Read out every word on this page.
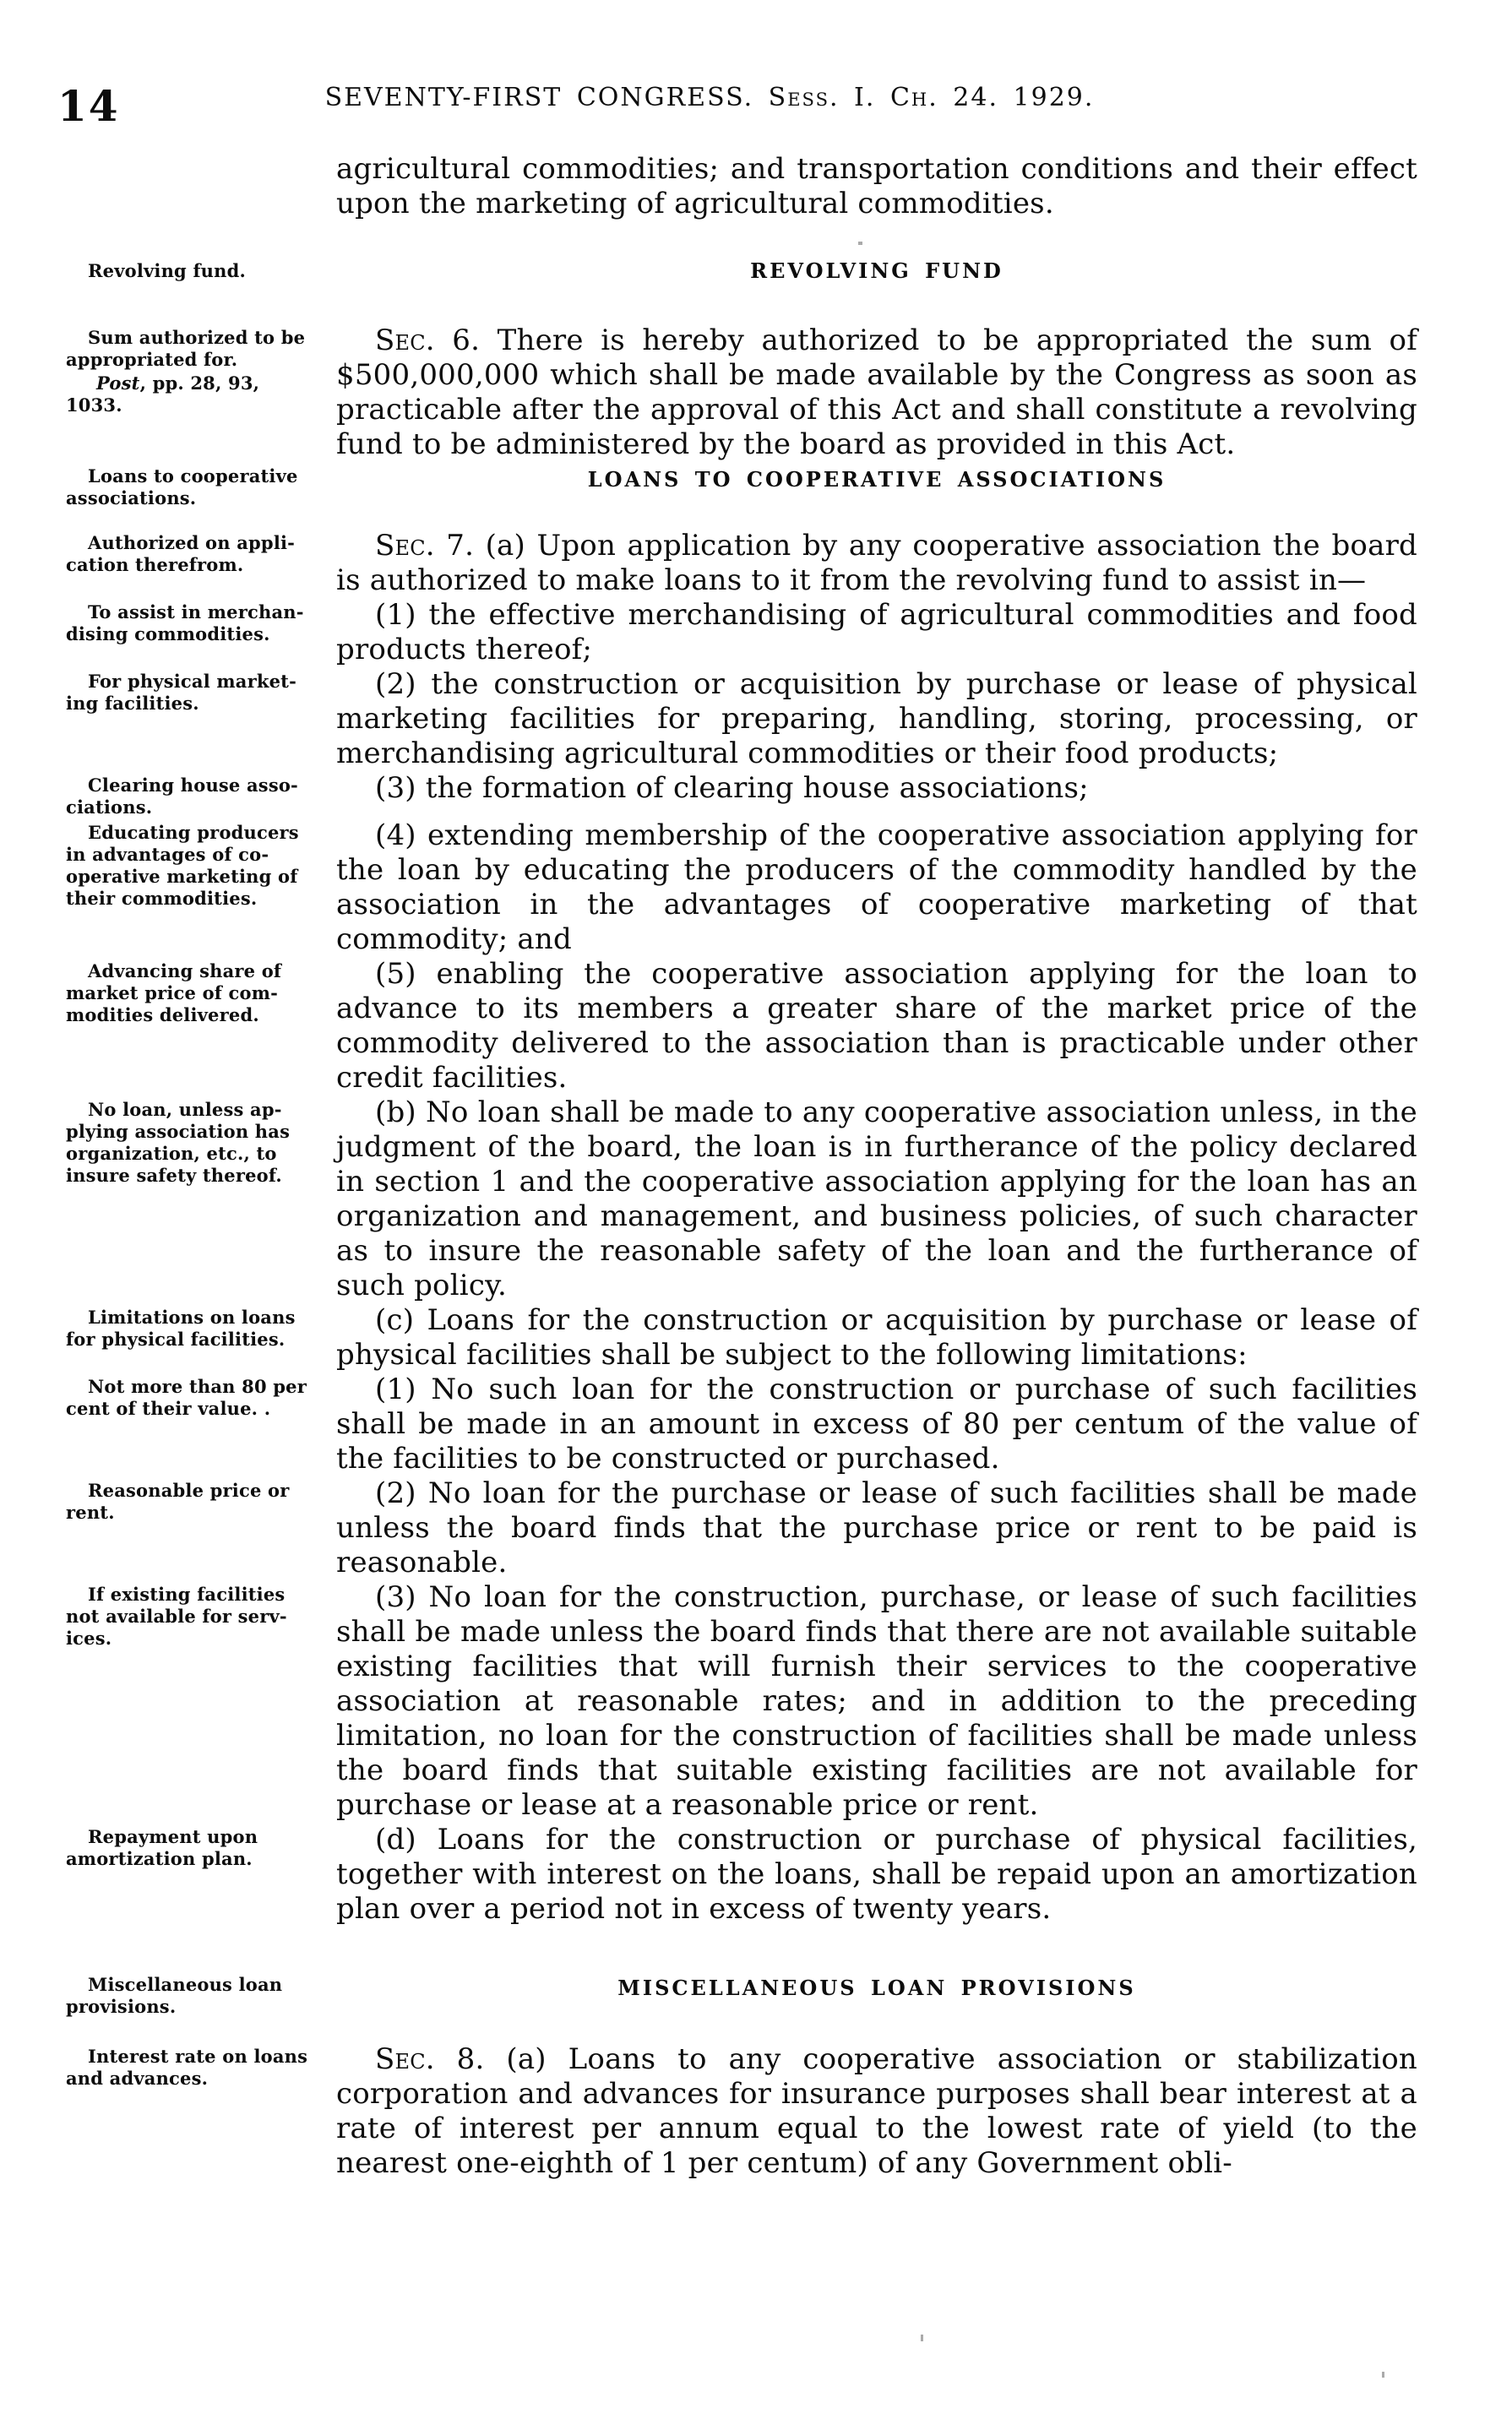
14	SEVENTY-FIRST CONGRESS. Sess. I. Ch. 24. 1929.

agricultural commodities; and transportation conditions and their effect upon the marketing of agricultural commodities.

Revolving fund.	REVOLVING FUND
Sum authorized to be
appropriated for.
Post, pp. 28, 93, 1033.

Sec. 6. There is hereby authorized to be appropriated the sum of $500,000,000 which shall be made available by the Congress as soon as practicable after the approval of this Act and shall constitute a revolving fund to be administered by the board as provided in this Act.

Loans to cooperative
associations.
LOANS TO COOPERATIVE ASSOCIATIONS
Authorized on appli-
cation therefrom.

Sec. 7. (a) Upon application by any cooperative association the board is authorized to make loans to it from the revolving fund to assist in—

To assist in merchan-
dising commodities.

(1) the effective merchandising of agricultural commodities and food products thereof;

For physical market-
ing facilities.

(2) the construction or acquisition by purchase or lease of physical marketing facilities for preparing, handling, storing, processing, or merchandising agricultural commodities or their food products;

Clearing house asso-
ciations.

(3) the formation of clearing house associations;

Educating producers
in advantages of co-
operative marketing of
their commodities.

(4) extending membership of the cooperative association applying for the loan by educating the producers of the commodity handled by the association in the advantages of cooperative marketing of that commodity; and

Advancing share of
market price of com-
modities delivered.

(5) enabling the cooperative association applying for the loan to advance to its members a greater share of the market price of the commodity delivered to the association than is practicable under other credit facilities.

No loan, unless ap-
plying association has
organization, etc., to
insure safety thereof.

(b) No loan shall be made to any cooperative association unless, in the judgment of the board, the loan is in furtherance of the policy declared in section 1 and the cooperative association applying for the loan has an organization and management, and business policies, of such character as to insure the reasonable safety of the loan and the furtherance of such policy.

Limitations on loans
for physical facilities.

(c) Loans for the construction or acquisition by purchase or lease of physical facilities shall be subject to the following limitations:

Not more than 80 per
cent of their value. .

(1) No such loan for the construction or purchase of such facilities shall be made in an amount in excess of 80 per centum of the value of the facilities to be constructed or purchased.

Reasonable price or
rent.

(2) No loan for the purchase or lease of such facilities shall be made unless the board finds that the purchase price or rent to be paid is reasonable.

If existing facilities
not available for serv-
ices.

(3) No loan for the construction, purchase, or lease of such facilities shall be made unless the board finds that there are not available suitable existing facilities that will furnish their services to the cooperative association at reasonable rates; and in addition to the preceding limitation, no loan for the construction of facilities shall be made unless the board finds that suitable existing facilities are not available for purchase or lease at a reasonable price or rent.

Repayment upon
amortization plan.

(d) Loans for the construction or purchase of physical facilities, together with interest on the loans, shall be repaid upon an amortization plan over a period not in excess of twenty years.

Miscellaneous loan
provisions.
MISCELLANEOUS LOAN PROVISIONS
Interest rate on loans
and advances.

Sec. 8. (a) Loans to any cooperative association or stabilization corporation and advances for insurance purposes shall bear interest at a rate of interest per annum equal to the lowest rate of yield (to the nearest one-eighth of 1 per centum) of any Government obli-
